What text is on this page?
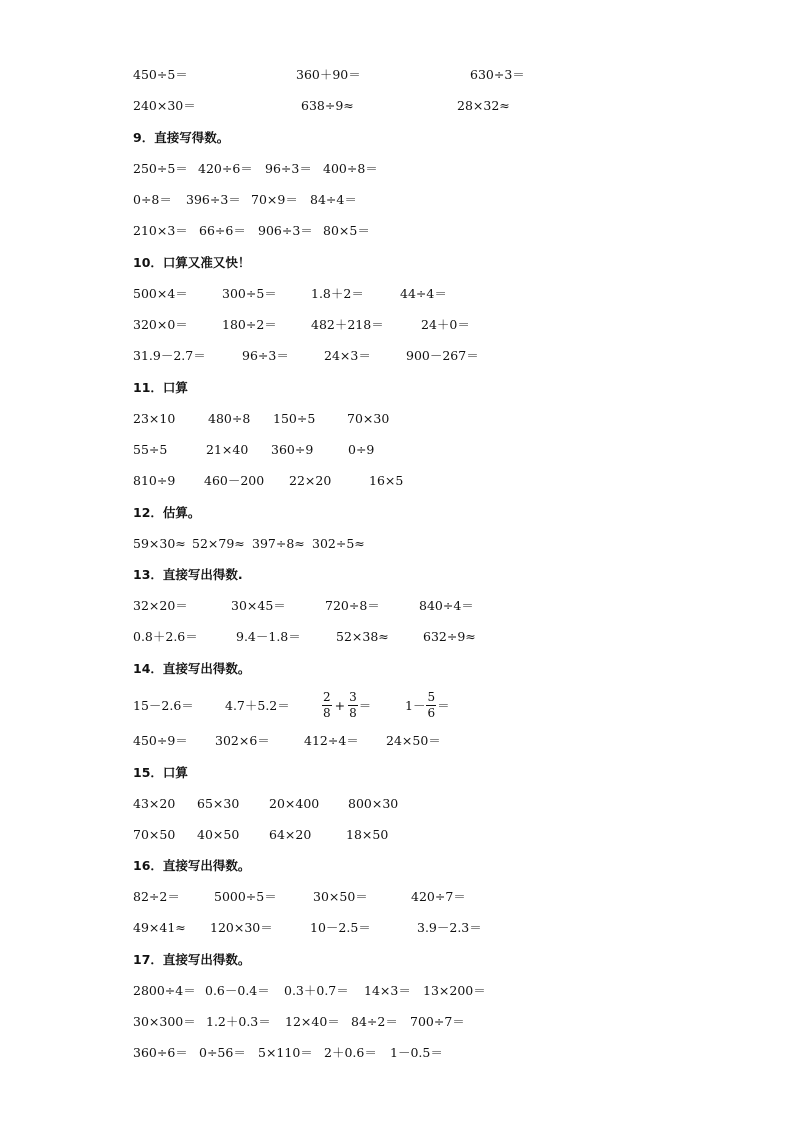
450÷5＝	360＋90＝	630÷3＝
240×30＝	638÷9≈	28×32≈
9．直接写得数。
250÷5＝ 420÷6＝ 96÷3＝ 400÷8＝
0÷8＝ 396÷3＝ 70×9＝ 84÷4＝
210×3＝ 66÷6＝ 906÷3＝ 80×5＝
10．口算又准又快！
500×4＝	300÷5＝	1.8＋2＝	44÷4＝
320×0＝	180÷2＝	482＋218＝	24＋0＝
31.9－2.7＝	96÷3＝	24×3＝	900－267＝
11．口算
23×10	480÷8 150÷5	70×30
55÷5	21×40 360÷9	0÷9
810÷9 460－200 22×20	16×5
12．估算。
59×30≈ 52×79≈ 397÷8≈ 302÷5≈
13．直接写出得数.
32×20＝	30×45＝	720÷8＝	840÷4＝
0.8＋2.6＝	9.4－1.8＝	52×38≈	632÷9≈
14．直接写出得数。
15－2.6＝ 4.7＋5.2＝	$\frac{2}{8} + \frac{3}{8}$ ＝	$1- \frac{5}{6}$ ＝
450÷9＝ 302×6＝	412÷4＝ 24×50＝
15．口算
43×20 65×30 20×400 800×30
70×50 40×50 64×20	18×50
16．直接写出得数。
82÷2＝	5000÷5＝	30×50＝	420÷7＝
49×41≈ 120×30＝	10－2.5＝	3.9－2.3＝
17．直接写出得数。
2800÷4＝ 0.6－0.4＝ 0.3＋0.7＝ 14×3＝ 13×200＝
30×300＝ 1.2＋0.3＝ 12×40＝ 84÷2＝ 700÷7＝
360÷6＝ 0÷56＝ 5×110＝ 2＋0.6＝ 1－0.5＝
